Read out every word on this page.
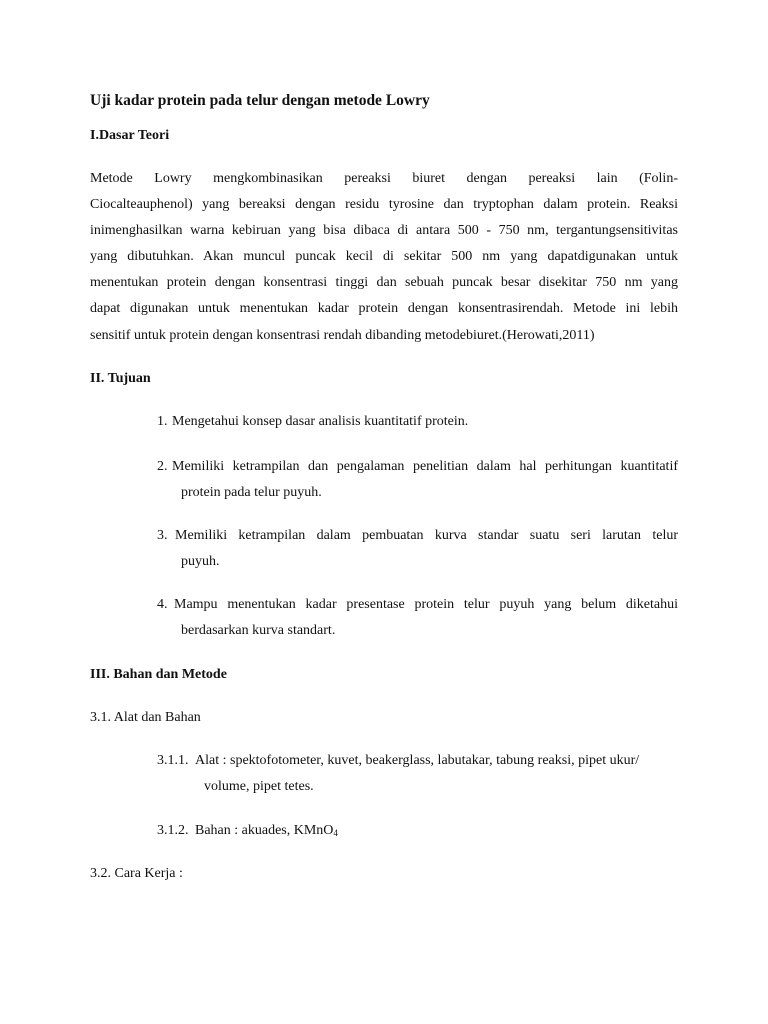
Uji kadar protein pada telur dengan metode Lowry
I.Dasar Teori
Metode Lowry mengkombinasikan pereaksi biuret dengan pereaksi lain (Folin-
Ciocalteauphenol) yang bereaksi dengan residu tyrosine dan tryptophan dalam protein. Reaksi
inimenghasilkan warna kebiruan yang bisa dibaca di antara 500 - 750 nm, tergantungsensitivitas
yang dibutuhkan. Akan muncul puncak kecil di sekitar 500 nm yang dapatdigunakan untuk
menentukan protein dengan konsentrasi tinggi dan sebuah puncak besar disekitar 750 nm yang
dapat digunakan untuk menentukan kadar protein dengan konsentrasirendah. Metode ini lebih
sensitif untuk protein dengan konsentrasi rendah dibanding metodebiuret.(Herowati,2011)
II. Tujuan
1. Mengetahui konsep dasar analisis kuantitatif protein.
2. Memiliki ketrampilan dan pengalaman penelitian dalam hal perhitungan kuantitatif
protein pada telur puyuh.
3. Memiliki ketrampilan dalam pembuatan kurva standar suatu seri larutan telur
puyuh.
4. Mampu menentukan kadar presentase protein telur puyuh yang belum diketahui
berdasarkan kurva standart.
III. Bahan dan Metode
3.1. Alat dan Bahan
3.1.1. Alat : spektofotometer, kuvet, beakerglass, labutakar, tabung reaksi, pipet ukur/
volume, pipet tetes.
3.1.2. Bahan : akuades, KMnO$_4$
3.2. Cara Kerja :
